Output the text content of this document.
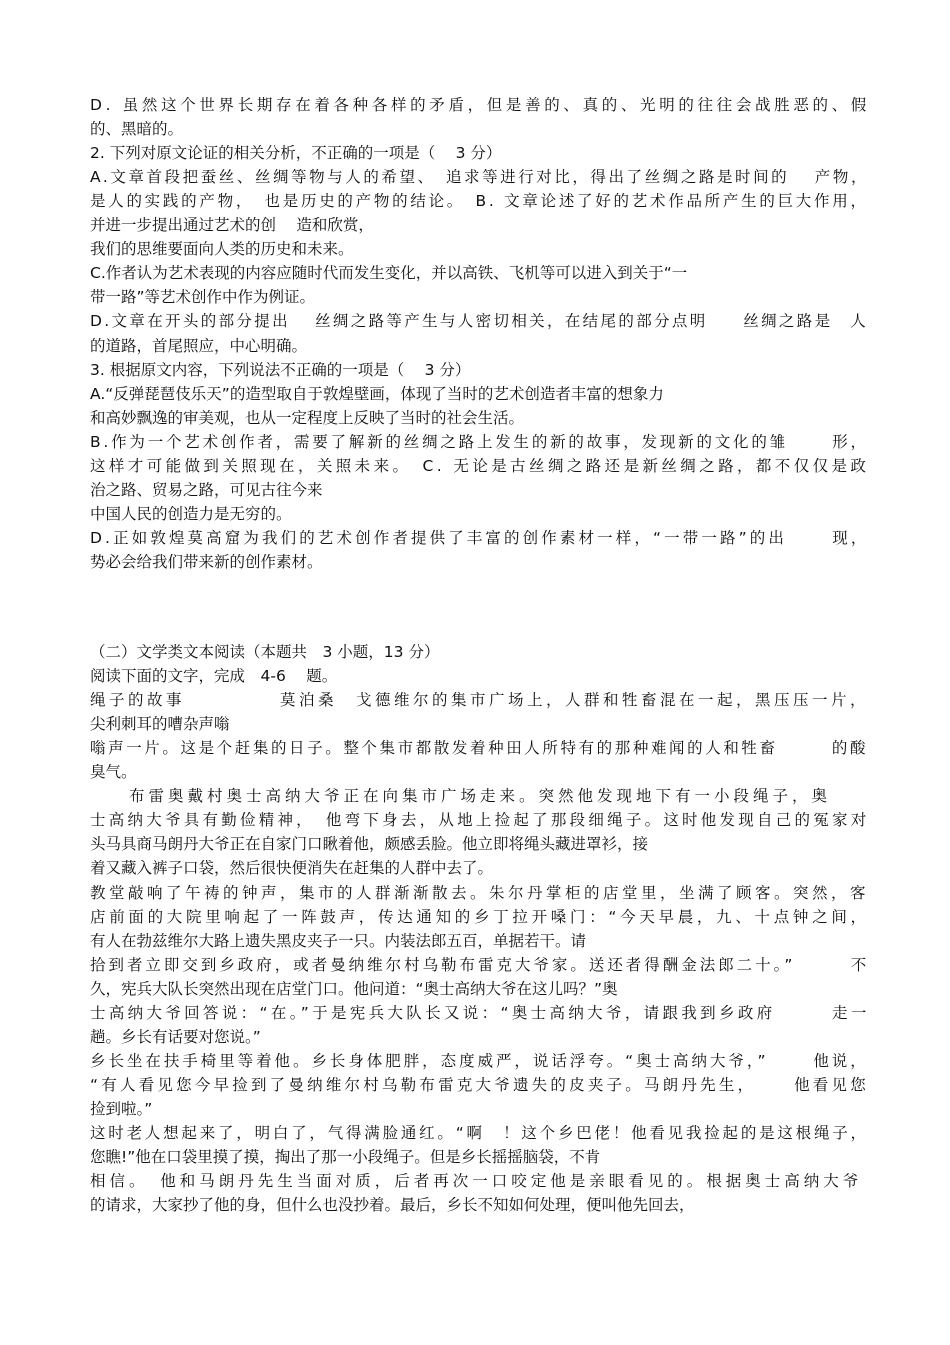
D. 虽然这个世界长期存在着各种各样的矛盾，但是善的、真的、光明的往往会战胜恶的、假
的、黑暗的。
2. 下列对原文论证的相关分析，不正确的一项是（　 3 分）
A.文章首段把蚕丝、丝绸等物与人的希望、　追求等进行对比，得出了丝绸之路是时间的　 产物，
是人的实践的产物，　也是历史的产物的结论。　B. 文章论述了好的艺术作品所产生的巨大作用，
并进一步提出通过艺术的创　 造和欣赏，
我们的思维要面向人类的历史和未来。
C.作者认为艺术表现的内容应随时代而发生变化，并以高铁、飞机等可以进入到关于“一
带一路”等艺术创作中作为例证。
D.文章在开头的部分提出　 丝绸之路等产生与人密切相关，在结尾的部分点明　　丝绸之路是　人
的道路，首尾照应，中心明确。
3. 根据原文内容，下列说法不正确的一项是（　 3 分）
A.“反弹琵琶伎乐天”的造型取自于敦煌壁画，体现了当时的艺术创造者丰富的想象力
和高妙飘逸的审美观，也从一定程度上反映了当时的社会生活。
B.作为一个艺术创作者，需要了解新的丝绸之路上发生的新的故事，发现新的文化的雏　　 形，
这样才可能做到关照现在，关照未来。　C. 无论是古丝绸之路还是新丝绸之路，都不仅仅是政
治之路、贸易之路，可见古往今来
中国人民的创造力是无穷的。
D.正如敦煌莫高窟为我们的艺术创作者提供了丰富的创作素材一样，“一带一路”的出　　 现，
势必会给我们带来新的创作素材。
（二）文学类文本阅读（本题共　3 小题，13 分）
阅读下面的文字，完成　4-6　 题。
绳子的故事　　　　　莫泊桑　戈德维尔的集市广场上，人群和牲畜混在一起，黑压压一片，
尖利刺耳的嘈杂声嗡
嗡声一片。这是个赶集的日子。整个集市都散发着种田人所特有的那种难闻的人和牲畜　　　的酸
臭气。
　　布雷奥戴村奥士高纳大爷正在向集市广场走来。突然他发现地下有一小段绳子，奥
士高纳大爷具有勤俭精神，　他弯下身去，从地上捡起了那段细绳子。这时他发现自己的冤家对
头马具商马朗丹大爷正在自家门口瞅着他，颇感丢脸。他立即将绳头藏进罩衫，接
着又藏入裤子口袋，然后很快便消失在赶集的人群中去了。
教堂敲响了午祷的钟声，集市的人群渐渐散去。朱尔丹掌柜的店堂里，坐满了顾客。突然，客
店前面的大院里响起了一阵鼓声，传达通知的乡丁拉开嗓门：“今天早晨，九、十点钟之间，
有人在勃兹维尔大路上遗失黑皮夹子一只。内装法郎五百，单据若干。请
拾到者立即交到乡政府，或者曼纳维尔村乌勒布雷克大爷家。送还者得酬金法郎二十。”　　　不
久，宪兵大队长突然出现在店堂门口。他问道：“奥士高纳大爷在这儿吗？”奥
士高纳大爷回答说：“在。”于是宪兵大队长又说：“奥士高纳大爷，请跟我到乡政府　　　走一
趟。乡长有话要对您说。”
乡长坐在扶手椅里等着他。乡长身体肥胖，态度威严，说话浮夸。“奥士高纳大爷，”　　 他说，
“有人看见您今早捡到了曼纳维尔村乌勒布雷克大爷遗失的皮夹子。马朗丹先生，　　 他看见您
捡到啦。”
这时老人想起来了，明白了，气得满脸通红。“啊　！这个乡巴佬！他看见我捡起的是这根绳子，
您瞧!”他在口袋里摸了摸，掏出了那一小段绳子。但是乡长摇摇脑袋，不肯
相信。　他和马朗丹先生当面对质，后者再次一口咬定他是亲眼看见的。根据奥士高纳大爷
的请求，大家抄了他的身，但什么也没抄着。最后，乡长不知如何处理，便叫他先回去，
